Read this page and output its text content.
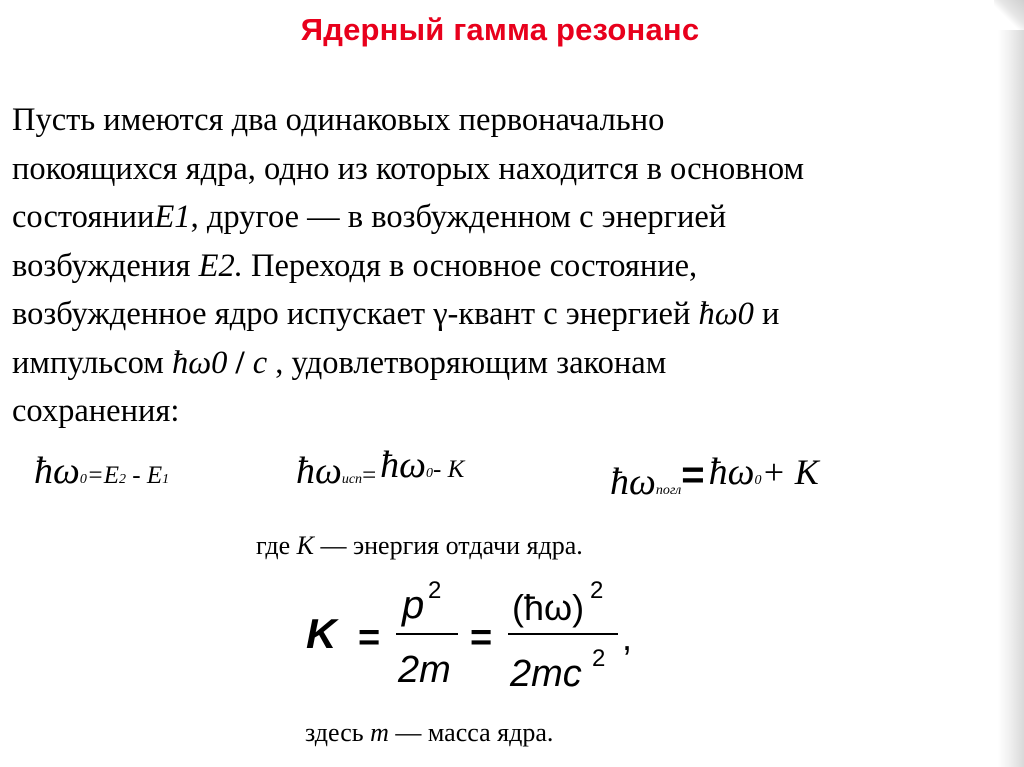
Ядерный гамма резонанс
Пусть имеются два одинаковых первоначально
покоящихся ядра, одно из которых находится в основном
состоянииE1, другое — в возбужденном с энергией
возбуждения E2. Переходя в основное состояние,
возбужденное ядро испускает γ-квант с энергией ħω0 и
импульсом ħω0 / c , удовлетворяющим законам
сохранения:
ħω0=E2 - E1	ħωисп= ħω0- K	ħωпогл= ħω0+ K
где K — энергия отдачи ядра.
K =
p 2
2m
=
(ħω) 2
2mc 2
,
здесь m — масса ядра.
